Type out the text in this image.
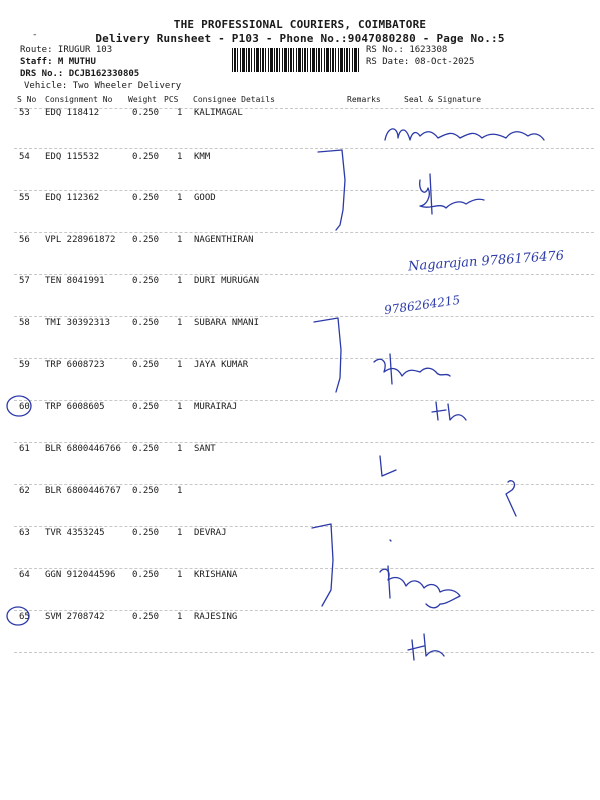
THE PROFESSIONAL COURIERS, COIMBATORE
Delivery Runsheet - P103 - Phone No.:9047080280 - Page No.:5
-
Route: IRUGUR 103
Staff: M MUTHU
DRS No.: DCJB162330805
Vehicle: Two Wheeler Delivery
RS No.: 1623308
RS Date: 08-Oct-2025
S No Consignment No Weight PCS Consignee Details	Remarks	Seal & Signature
53 EDQ 118412	0.250 1 KALIMAGAL
54 EDQ 115532	0.250 1 KMM
55 EDQ 112362	0.250 1 GOOD
56 VPL 228961872 0.250 1 NAGENTHIRAN
57 TEN 8041991	0.250 1 DURI MURUGAN
58 TMI 30392313 0.250 1 SUBARA NMANI
59 TRP 6008723	0.250 1 JAYA KUMAR
60 TRP 6008605	0.250 1 MURAIRAJ
61 BLR 6800446766 0.250 1 SANT
62 BLR 6800446767 0.250 1
63 TVR 4353245	0.250 1 DEVRAJ
64 GGN 912044596 0.250 1 KRISHANA
65 SVM 2708742	0.250 1 RAJESING
Nagarajan 9786176476
9786264215
